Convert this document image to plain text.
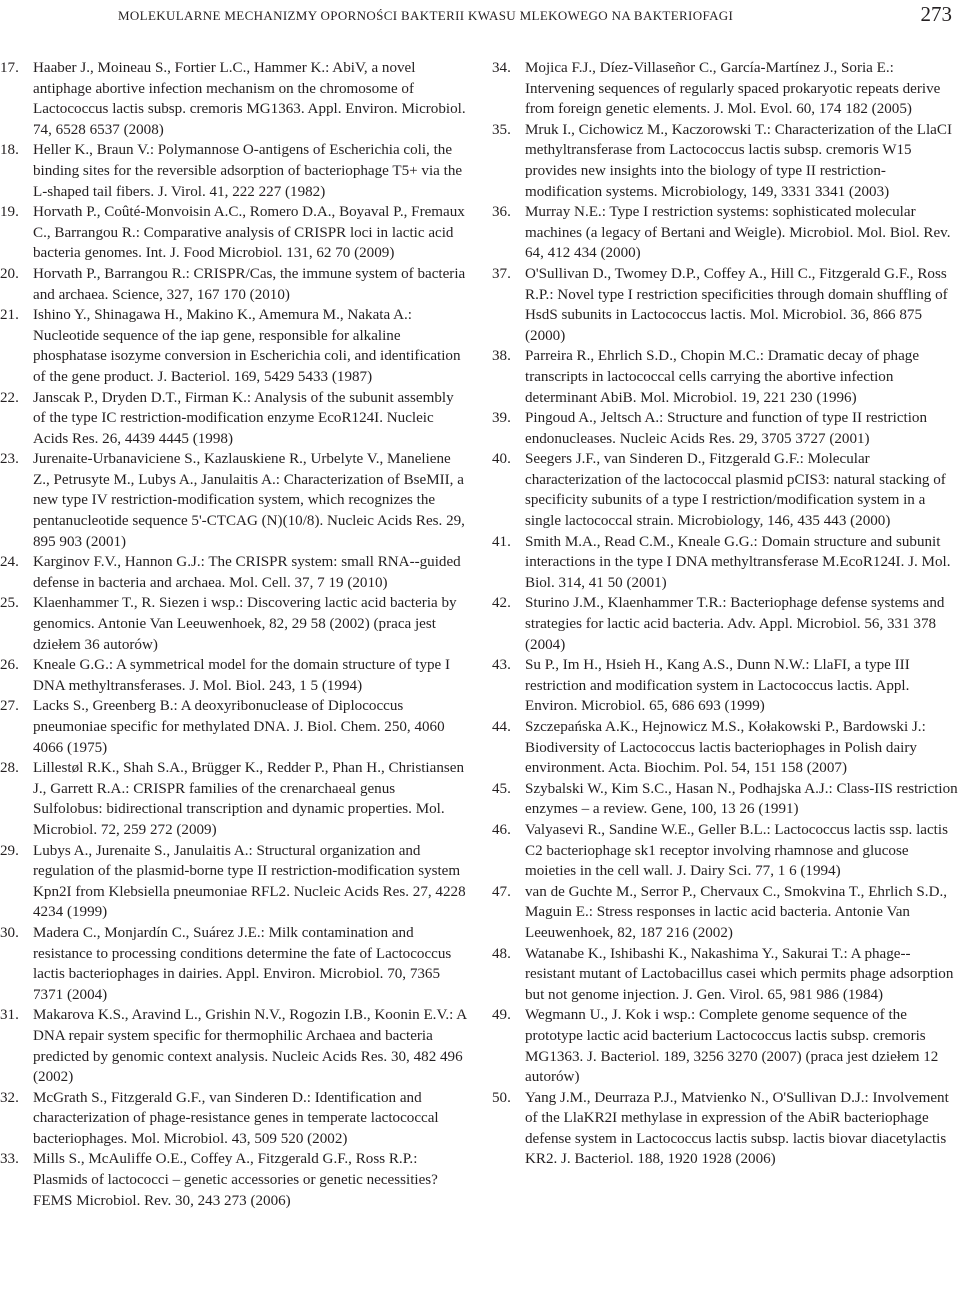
MOLEKULARNE MECHANIZMY OPORNOŚCI BAKTERII KWASU MLEKOWEGO NA BAKTERIOFAGI	273

17. Haaber J., Moineau S., Fortier L.C., Hammer K.: AbiV, a novel antiphage abortive infection mechanism on the chromosome of Lactococcus lactis subsp. cremoris MG1363. Appl. Environ. Microbiol. 74, 6528 6537 (2008)

18. Heller K., Braun V.: Polymannose O-antigens of Escherichia coli, the binding sites for the reversible adsorption of bacteriophage T5+ via the L-shaped tail fibers. J. Virol. 41, 222 227 (1982)

19. Horvath P., Coûté-Monvoisin A.C., Romero D.A., Boyaval P., Fremaux C., Barrangou R.: Comparative analysis of CRISPR loci in lactic acid bacteria genomes. Int. J. Food Microbiol. 131, 62 70 (2009)

20. Horvath P., Barrangou R.: CRISPR/Cas, the immune system of bacteria and archaea. Science, 327, 167 170 (2010)

21. Ishino Y., Shinagawa H., Makino K., Amemura M., Nakata A.: Nucleotide sequence of the iap gene, responsible for alkaline phosphatase isozyme conversion in Escherichia coli, and identification of the gene product. J. Bacteriol. 169, 5429 5433 (1987)

22. Janscak P., Dryden D.T., Firman K.: Analysis of the subunit assembly of the type IC restriction-modification enzyme EcoR124I. Nucleic Acids Res. 26, 4439 4445 (1998)

23. Jurenaite-Urbanaviciene S., Kazlauskiene R., Urbelyte V., Maneliene Z., Petrusyte M., Lubys A., Janulaitis A.: Characterization of BseMII, a new type IV restriction-modification system, which recognizes the pentanucleotide sequence 5'-CTCAG (N)(10/8). Nucleic Acids Res. 29, 895 903 (2001)

24. Karginov F.V., Hannon G.J.: The CRISPR system: small RNA--guided defense in bacteria and archaea. Mol. Cell. 37, 7 19 (2010)

25. Klaenhammer T., R. Siezen i wsp.: Discovering lactic acid bacteria by genomics. Antonie Van Leeuwenhoek, 82, 29 58 (2002) (praca jest dziełem 36 autorów)

26. Kneale G.G.: A symmetrical model for the domain structure of type I DNA methyltransferases. J. Mol. Biol. 243, 1 5 (1994)

27. Lacks S., Greenberg B.: A deoxyribonuclease of Diplococcus pneumoniae specific for methylated DNA. J. Biol. Chem. 250, 4060 4066 (1975)

28. Lillestøl R.K., Shah S.A., Brügger K., Redder P., Phan H., Christiansen J., Garrett R.A.: CRISPR families of the crenarchaeal genus Sulfolobus: bidirectional transcription and dynamic properties. Mol. Microbiol. 72, 259 272 (2009)

29. Lubys A., Jurenaite S., Janulaitis A.: Structural organization and regulation of the plasmid-borne type II restriction-modification system Kpn2I from Klebsiella pneumoniae RFL2. Nucleic Acids Res. 27, 4228 4234 (1999)

30. Madera C., Monjardín C., Suárez J.E.: Milk contamination and resistance to processing conditions determine the fate of Lactococcus lactis bacteriophages in dairies. Appl. Environ. Microbiol. 70, 7365 7371 (2004)

31. Makarova K.S., Aravind L., Grishin N.V., Rogozin I.B., Koonin E.V.: A DNA repair system specific for thermophilic Archaea and bacteria predicted by genomic context analysis. Nucleic Acids Res. 30, 482 496 (2002)

32. McGrath S., Fitzgerald G.F., van Sinderen D.: Identification and characterization of phage-resistance genes in temperate lactococcal bacteriophages. Mol. Microbiol. 43, 509 520 (2002)

33. Mills S., McAuliffe O.E., Coffey A., Fitzgerald G.F., Ross R.P.: Plasmids of lactococci – genetic accessories or genetic necessities? FEMS Microbiol. Rev. 30, 243 273 (2006)

34. Mojica F.J., Díez-Villaseñor C., García-Martínez J., Soria E.: Intervening sequences of regularly spaced prokaryotic repeats derive from foreign genetic elements. J. Mol. Evol. 60, 174 182 (2005)

35. Mruk I., Cichowicz M., Kaczorowski T.: Characterization of the LlaCI methyltransferase from Lactococcus lactis subsp. cremoris W15 provides new insights into the biology of type II restriction-modification systems. Microbiology, 149, 3331 3341 (2003)

36. Murray N.E.: Type I restriction systems: sophisticated molecular machines (a legacy of Bertani and Weigle). Microbiol. Mol. Biol. Rev. 64, 412 434 (2000)

37. O'Sullivan D., Twomey D.P., Coffey A., Hill C., Fitzgerald G.F., Ross R.P.: Novel type I restriction specificities through domain shuffling of HsdS subunits in Lactococcus lactis. Mol. Microbiol. 36, 866 875 (2000)

38. Parreira R., Ehrlich S.D., Chopin M.C.: Dramatic decay of phage transcripts in lactococcal cells carrying the abortive infection determinant AbiB. Mol. Microbiol. 19, 221 230 (1996)

39. Pingoud A., Jeltsch A.: Structure and function of type II restriction endonucleases. Nucleic Acids Res. 29, 3705 3727 (2001)

40. Seegers J.F., van Sinderen D., Fitzgerald G.F.: Molecular characterization of the lactococcal plasmid pCIS3: natural stacking of specificity subunits of a type I restriction/modification system in a single lactococcal strain. Microbiology, 146, 435 443 (2000)

41. Smith M.A., Read C.M., Kneale G.G.: Domain structure and subunit interactions in the type I DNA methyltransferase M.EcoR124I. J. Mol. Biol. 314, 41 50 (2001)

42. Sturino J.M., Klaenhammer T.R.: Bacteriophage defense systems and strategies for lactic acid bacteria. Adv. Appl. Microbiol. 56, 331 378 (2004)

43. Su P., Im H., Hsieh H., Kang A.S., Dunn N.W.: LlaFI, a type III restriction and modification system in Lactococcus lactis. Appl. Environ. Microbiol. 65, 686 693 (1999)

44. Szczepańska A.K., Hejnowicz M.S., Kołakowski P., Bardowski J.: Biodiversity of Lactococcus lactis bacteriophages in Polish dairy environment. Acta. Biochim. Pol. 54, 151 158 (2007)

45. Szybalski W., Kim S.C., Hasan N., Podhajska A.J.: Class-IIS restriction enzymes – a review. Gene, 100, 13 26 (1991)

46. Valyasevi R., Sandine W.E., Geller B.L.: Lactococcus lactis ssp. lactis C2 bacteriophage sk1 receptor involving rhamnose and glucose moieties in the cell wall. J. Dairy Sci. 77, 1 6 (1994)

47. van de Guchte M., Serror P., Chervaux C., Smokvina T., Ehrlich S.D., Maguin E.: Stress responses in lactic acid bacteria. Antonie Van Leeuwenhoek, 82, 187 216 (2002)

48. Watanabe K., Ishibashi K., Nakashima Y., Sakurai T.: A phage--resistant mutant of Lactobacillus casei which permits phage adsorption but not genome injection. J. Gen. Virol. 65, 981 986 (1984)

49. Wegmann U., J. Kok i wsp.: Complete genome sequence of the prototype lactic acid bacterium Lactococcus lactis subsp. cremoris MG1363. J. Bacteriol. 189, 3256 3270 (2007) (praca jest dziełem 12 autorów)

50. Yang J.M., Deurraza P.J., Matvienko N., O'Sullivan D.J.: Involvement of the LlaKR2I methylase in expression of the AbiR bacteriophage defense system in Lactococcus lactis subsp. lactis biovar diacetylactis KR2. J. Bacteriol. 188, 1920 1928 (2006)
